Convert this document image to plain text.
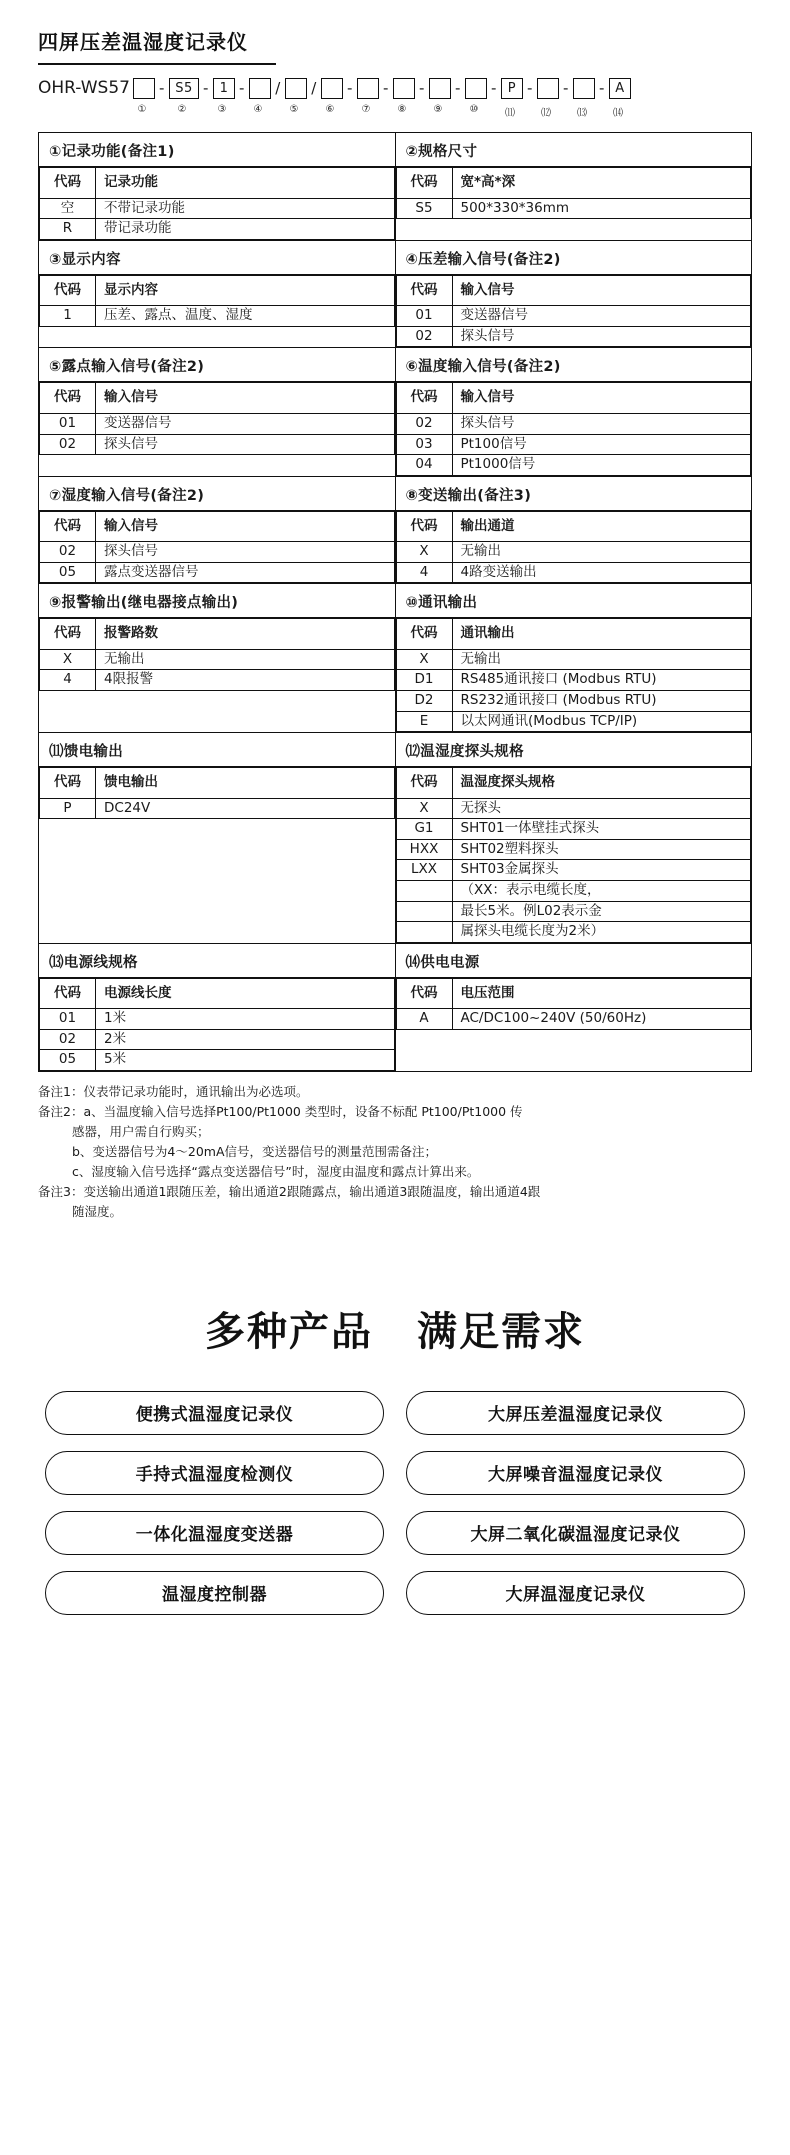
四屏压差温湿度记录仪
OHR-WS57 - S5 - 1 - / / - - - - - P - - - A
①	②	③	④	⑤	⑥	⑦	⑧	⑨	⑩	⑾	⑿	⒀	⒁
①记录功能(备注1)
代码	记录功能
空	不带记录功能
R	带记录功能

②规格尺寸
代码	宽*高*深
S5	500*330*36mm

③显示内容
代码	显示内容
1	压差、露点、温度、湿度

④压差输入信号(备注2)
代码	输入信号
01	变送器信号
02	探头信号

⑤露点输入信号(备注2)
代码	输入信号
01	变送器信号
02	探头信号

⑥温度输入信号(备注2)
代码	输入信号
02	探头信号
03	Pt100信号
04	Pt1000信号

⑦湿度输入信号(备注2)
代码	输入信号
02	探头信号
05	露点变送器信号

⑧变送输出(备注3)
代码	输出通道
X	无输出
4	4路变送输出

⑨报警输出(继电器接点输出)
代码	报警路数
X	无输出
4	4限报警

⑩通讯输出
代码	通讯输出
X	无输出
D1	RS485通讯接口 (Modbus RTU)
D2	RS232通讯接口 (Modbus RTU)
E	以太网通讯(Modbus TCP/IP)

⑾馈电输出
代码	馈电输出
P	DC24V

⑿温湿度探头规格
代码	温湿度探头规格
X	无探头
G1	SHT01一体壁挂式探头
HXX	SHT02塑料探头
LXX	SHT03金属探头
	（XX：表示电缆长度，
	最长5米。例L02表示金
	属探头电缆长度为2米）

⒀电源线规格
代码	电源线长度
01	1米
02	2米
05	5米

⒁供电电源
代码	电压范围
A	AC/DC100~240V (50/60Hz)

备注1：仪表带记录功能时，通讯输出为必选项。

备注2：a、当温度输入信号选择Pt100/Pt1000 类型时，设备不标配 Pt100/Pt1000 传

感器，用户需自行购买；

b、变送器信号为4～20mA信号，变送器信号的测量范围需备注；

c、湿度输入信号选择“露点变送器信号”时，湿度由温度和露点计算出来。

备注3：变送输出通道1跟随压差，输出通道2跟随露点，输出通道3跟随温度，输出通道4跟

随湿度。

多种产品 满足需求
便携式温湿度记录仪	大屏压差温湿度记录仪
手持式温湿度检测仪	大屏噪音温湿度记录仪
一体化温湿度变送器	大屏二氧化碳温湿度记录仪
温湿度控制器	大屏温湿度记录仪
